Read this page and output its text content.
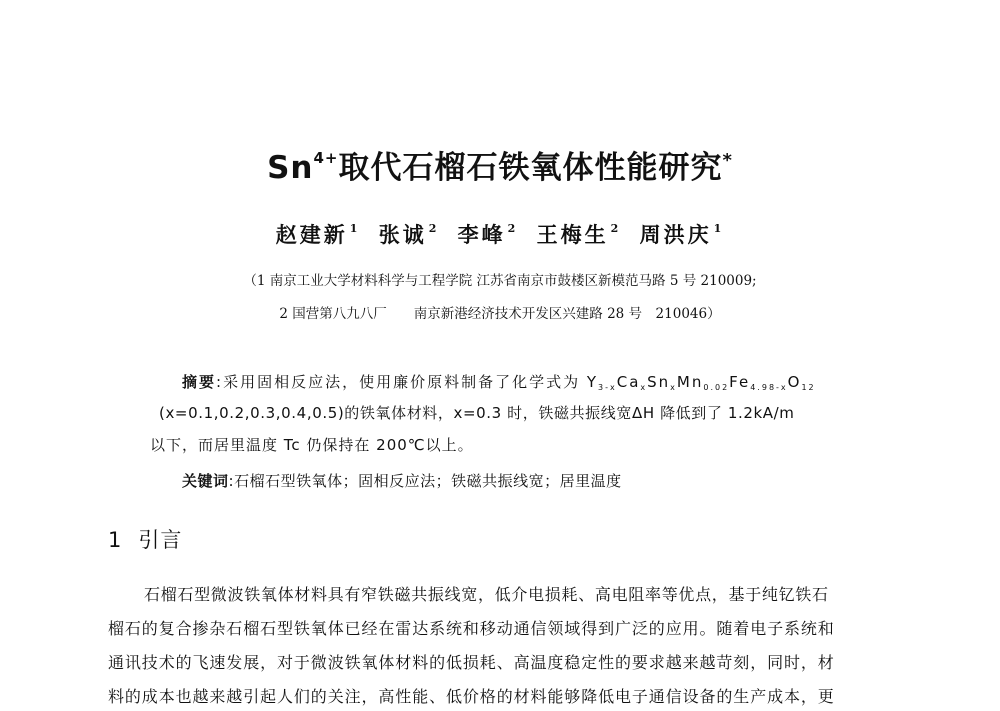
$Sn^{4+}$取代石榴石铁氧体性能研究*
赵建新 $^1$ 张诚 $^2$ 李峰 $^2$ 王梅生 $^2$ 周洪庆 $^1$
（1 南京工业大学材料科学与工程学院 江苏省南京市鼓楼区新模范马路 5 号 210009;
2 国营第八九八厂　　南京新港经济技术开发区兴建路 28 号　210046）
摘要:采用固相反应法，使用廉价原料制备了化学式为 $Y_{3-x}Ca_xSn_xMn_{0.02}Fe_{4.98-x}O_{12}$
(x=0.1,0.2,0.3,0.4,0.5)的铁氧体材料，x=0.3 时，铁磁共振线宽ΔH 降低到了 1.2kA/m
以下，而居里温度 Tc 仍保持在 200℃以上。
关键词:石榴石型铁氧体；固相反应法；铁磁共振线宽；居里温度
1 引言
石榴石型微波铁氧体材料具有窄铁磁共振线宽，低介电损耗、高电阻率等优点，基于纯钇铁石
榴石的复合掺杂石榴石型铁氧体已经在雷达系统和移动通信领域得到广泛的应用。随着电子系统和
通讯技术的飞速发展，对于微波铁氧体材料的低损耗、高温度稳定性的要求越来越苛刻，同时，材
料的成本也越来越引起人们的关注，高性能、低价格的材料能够降低电子通信设备的生产成本，更
